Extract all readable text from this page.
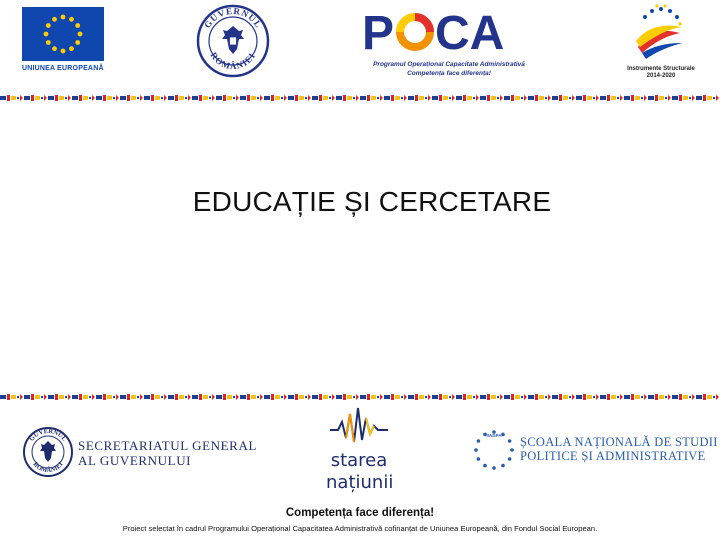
UNIUNEA EUROPEANĂ
GUVERNUL
ROMÂNIEI P CA
Programul Operațional Capacitate Administrativă
Competența face diferența!
Instrumente Structurale
2014-2020
EDUCAȚIE ȘI CERCETARE
GUVERNUL
ROMÂNIEI
SECRETARIATUL GENERAL
AL GUVERNULUI	starea
națiunii
SNSPA ȘCOALA NAȚIONALĂ DE STUDII
POLITICE ȘI ADMINISTRATIVE
Competența face diferența!
Proiect selectat în cadrul Programului Operațional Capacitatea Administrativă cofinanțat de Uniunea Europeană, din Fondul Social European.
